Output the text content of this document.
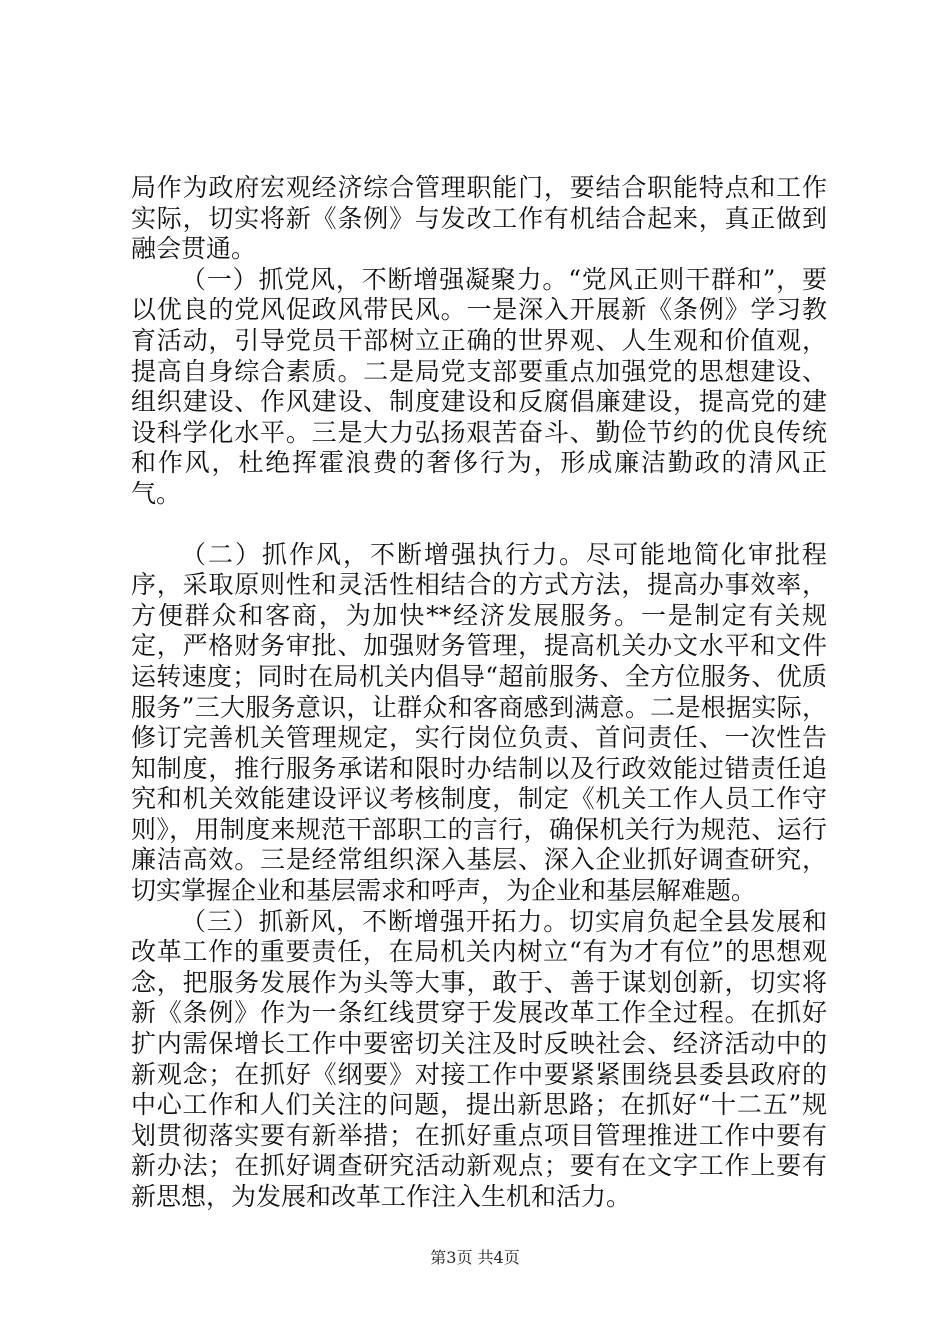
局作为政府宏观经济综合管理职能门，要结合职能特点和工作实际，切实将新《条例》与发改工作有机结合起来，真正做到融会贯通。

（一）抓党风，不断增强凝聚力。“党风正则干群和”，要以优良的党风促政风带民风。一是深入开展新《条例》学习教育活动，引导党员干部树立正确的世界观、人生观和价值观，提高自身综合素质。二是局党支部要重点加强党的思想建设、组织建设、作风建设、制度建设和反腐倡廉建设，提高党的建设科学化水平。三是大力弘扬艰苦奋斗、勤俭节约的优良传统和作风，杜绝挥霍浪费的奢侈行为，形成廉洁勤政的清风正气。

（二）抓作风，不断增强执行力。尽可能地简化审批程序，采取原则性和灵活性相结合的方式方法，提高办事效率，方便群众和客商，为加快**经济发展服务。一是制定有关规定，严格财务审批、加强财务管理，提高机关办文水平和文件运转速度；同时在局机关内倡导“超前服务、全方位服务、优质服务”三大服务意识，让群众和客商感到满意。二是根据实际，修订完善机关管理规定，实行岗位负责、首问责任、一次性告知制度，推行服务承诺和限时办结制以及行政效能过错责任追究和机关效能建设评议考核制度，制定《机关工作人员工作守则》，用制度来规范干部职工的言行，确保机关行为规范、运行廉洁高效。三是经常组织深入基层、深入企业抓好调查研究，切实掌握企业和基层需求和呼声，为企业和基层解难题。

（三）抓新风，不断增强开拓力。切实肩负起全县发展和改革工作的重要责任，在局机关内树立“有为才有位”的思想观念，把服务发展作为头等大事，敢于、善于谋划创新，切实将新《条例》作为一条红线贯穿于发展改革工作全过程。在抓好扩内需保增长工作中要密切关注及时反映社会、经济活动中的新观念；在抓好《纲要》对接工作中要紧紧围绕县委县政府的中心工作和人们关注的问题，提出新思路；在抓好“十二五”规划贯彻落实要有新举措；在抓好重点项目管理推进工作中要有新办法；在抓好调查研究活动新观点；要有在文字工作上要有新思想，为发展和改革工作注入生机和活力。

第3页 共4页
